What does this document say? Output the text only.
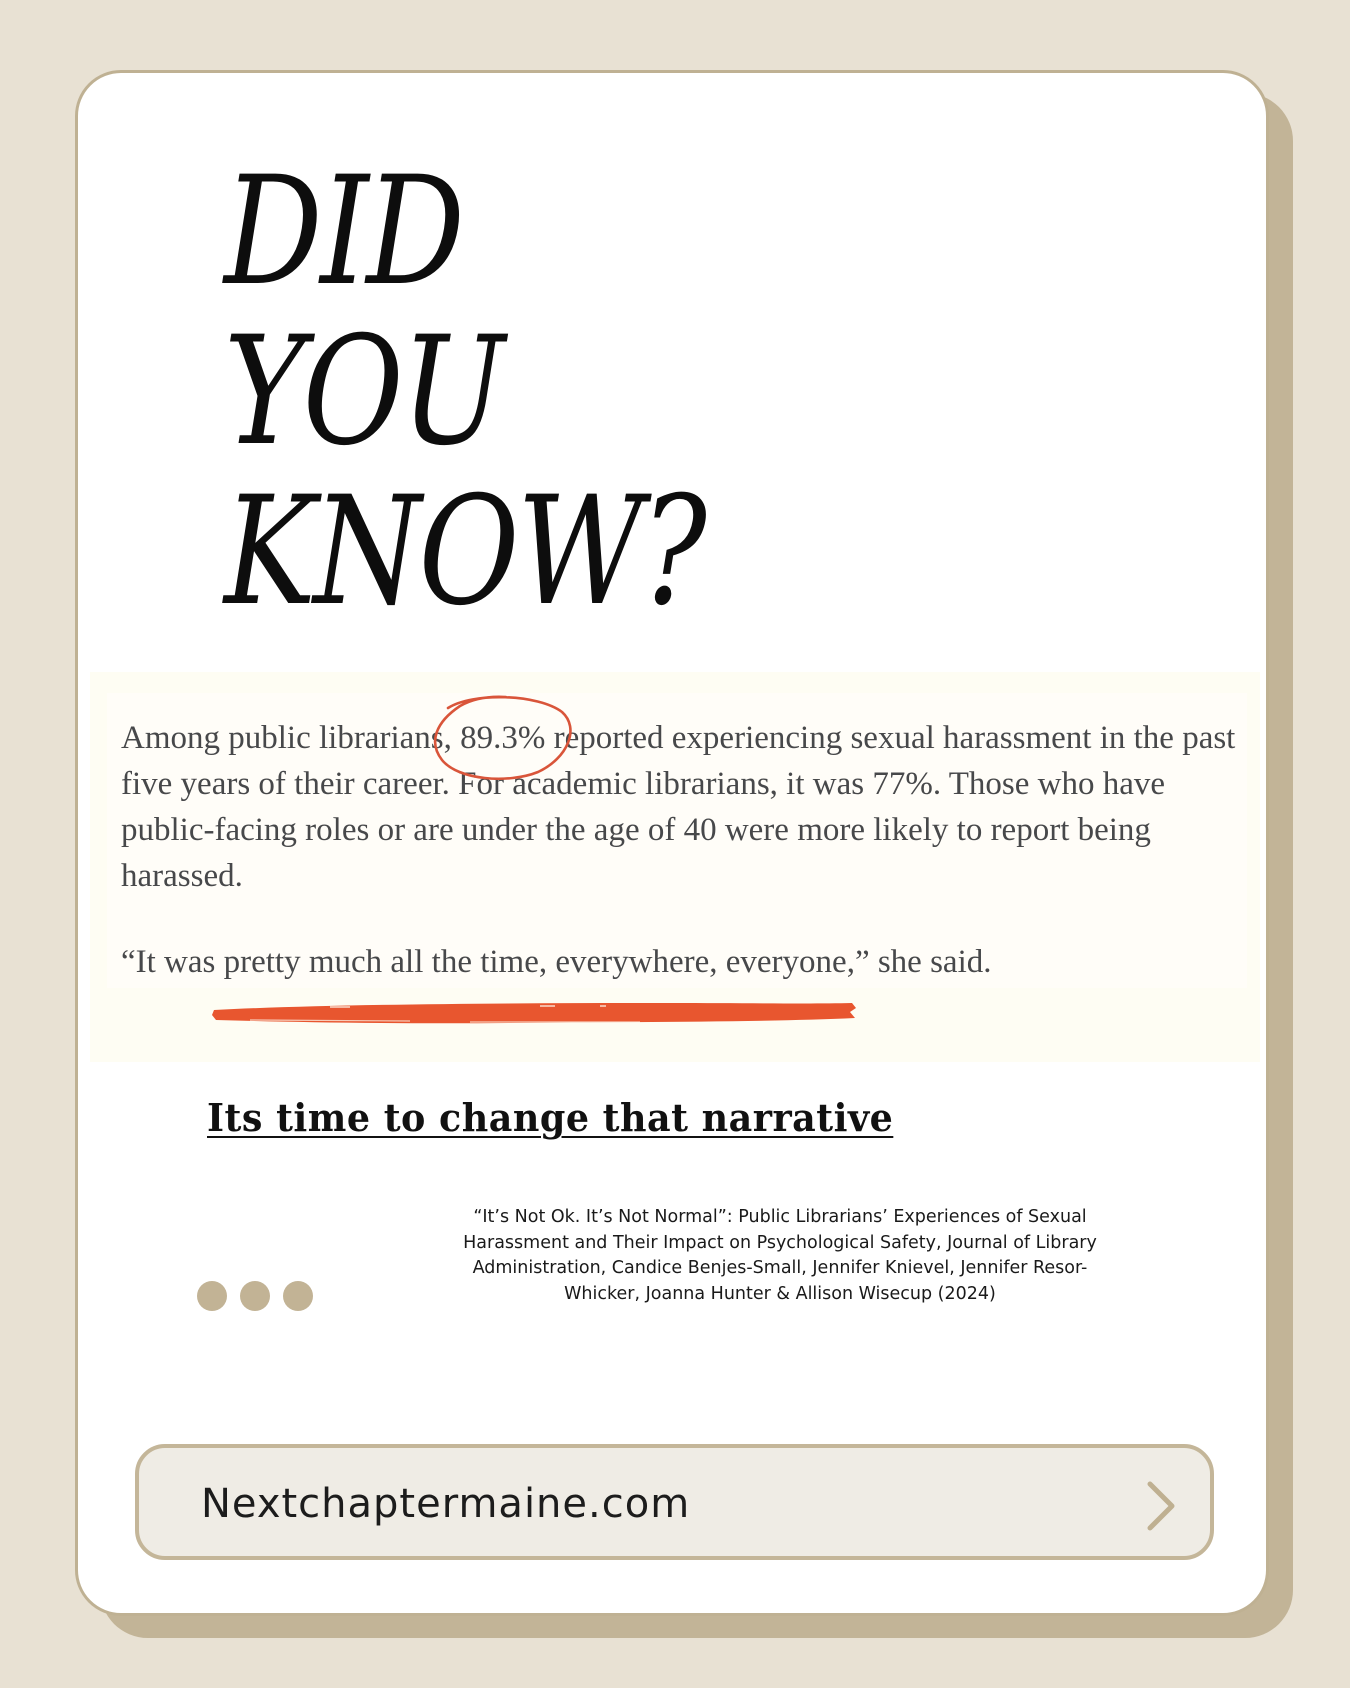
DID
YOU
KNOW?

Among public librarians, 89.3% reported experiencing sexual harassment in the past five years of their career. For academic librarians, it was 77%. Those who have public-facing roles or are under the age of 40 were more likely to report being harassed.

“It was pretty much all the time, everywhere, everyone,” she said.

Its time to change that narrative

“It’s Not Ok. It’s Not Normal”: Public Librarians’ Experiences of Sexual Harassment and Their Impact on Psychological Safety, Journal of Library Administration, Candice Benjes-Small, Jennifer Knievel, Jennifer Resor-Whicker, Joanna Hunter & Allison Wisecup (2024)

Nextchaptermaine.com
